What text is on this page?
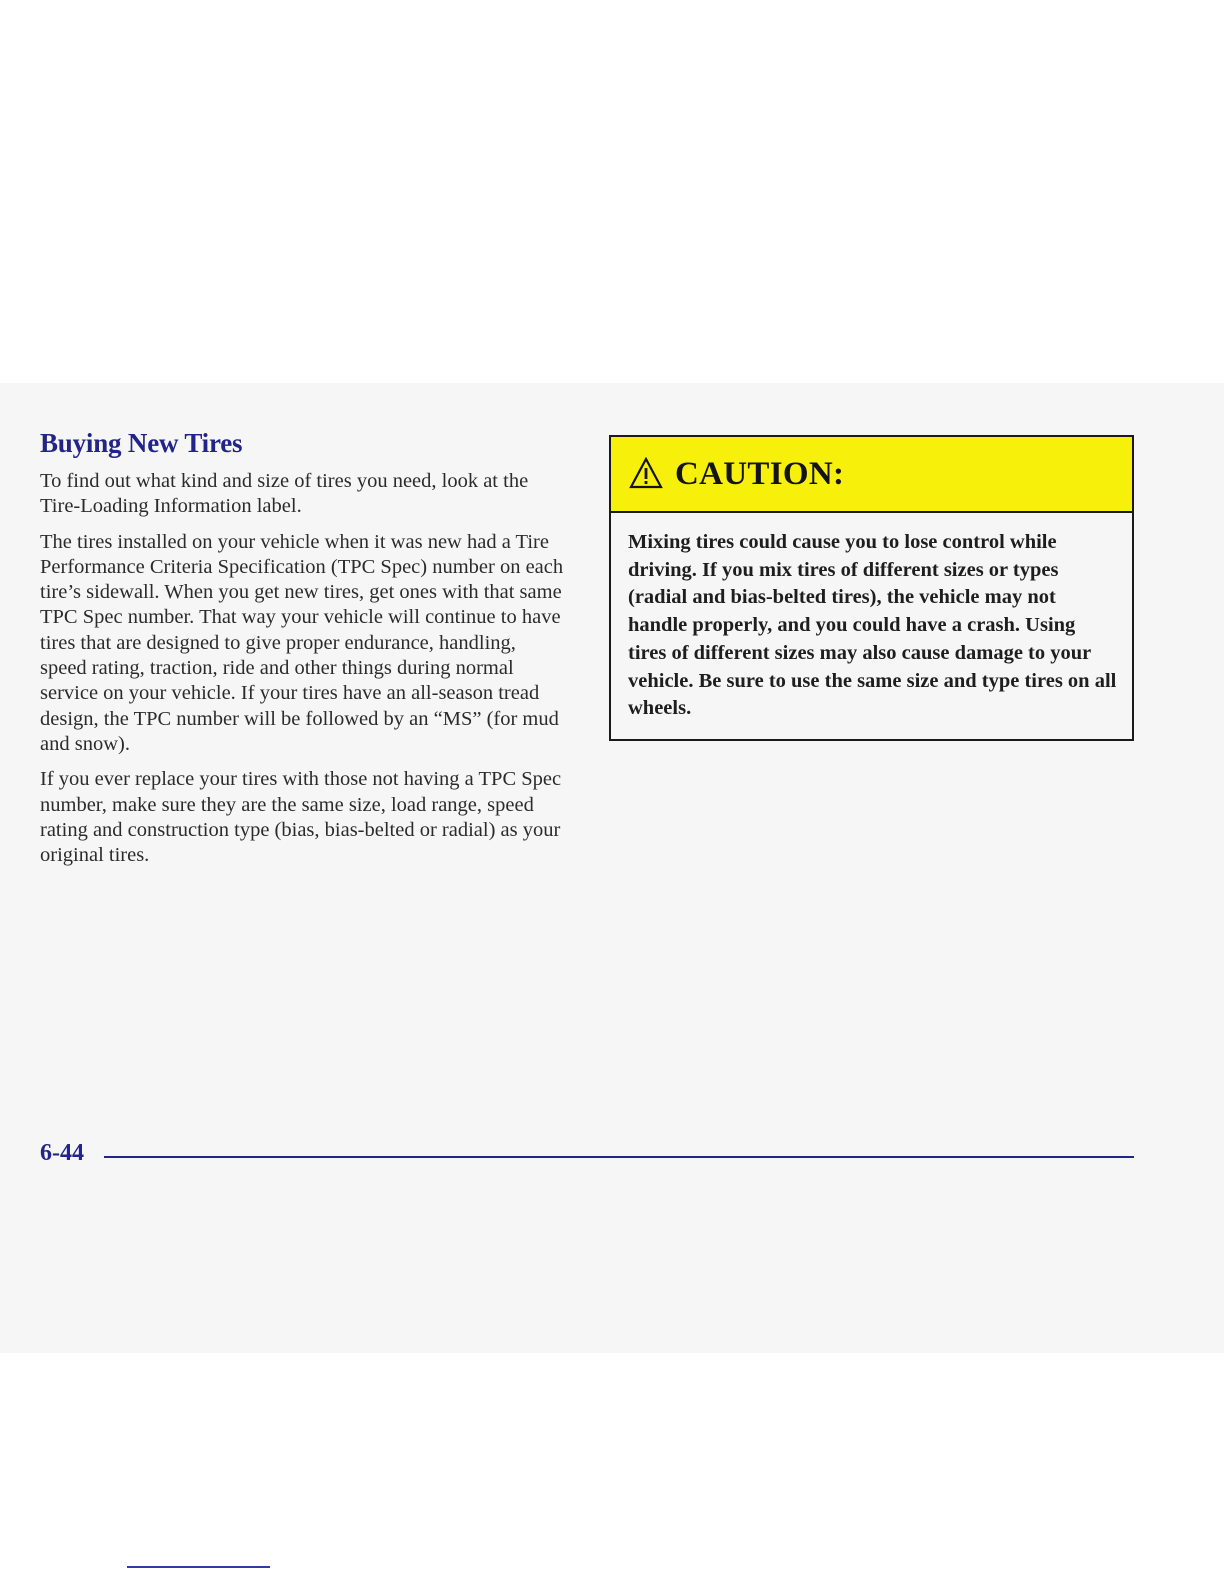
Buying New Tires

To find out what kind and size of tires you need, look at the Tire-Loading Information label.

The tires installed on your vehicle when it was new had a Tire Performance Criteria Specification (TPC Spec) number on each tire’s sidewall. When you get new tires, get ones with that same TPC Spec number. That way your vehicle will continue to have tires that are designed to give proper endurance, handling, speed rating, traction, ride and other things during normal service on your vehicle. If your tires have an all-season tread design, the TPC number will be followed by an “MS” (for mud and snow).

If you ever replace your tires with those not having a TPC Spec number, make sure they are the same size, load range, speed rating and construction type (bias, bias-belted or radial) as your original tires.

CAUTION:

Mixing tires could cause you to lose control while driving. If you mix tires of different sizes or types (radial and bias-belted tires), the vehicle may not handle properly, and you could have a crash. Using tires of different sizes may also cause damage to your vehicle. Be sure to use the same size and type tires on all wheels.

6-44
